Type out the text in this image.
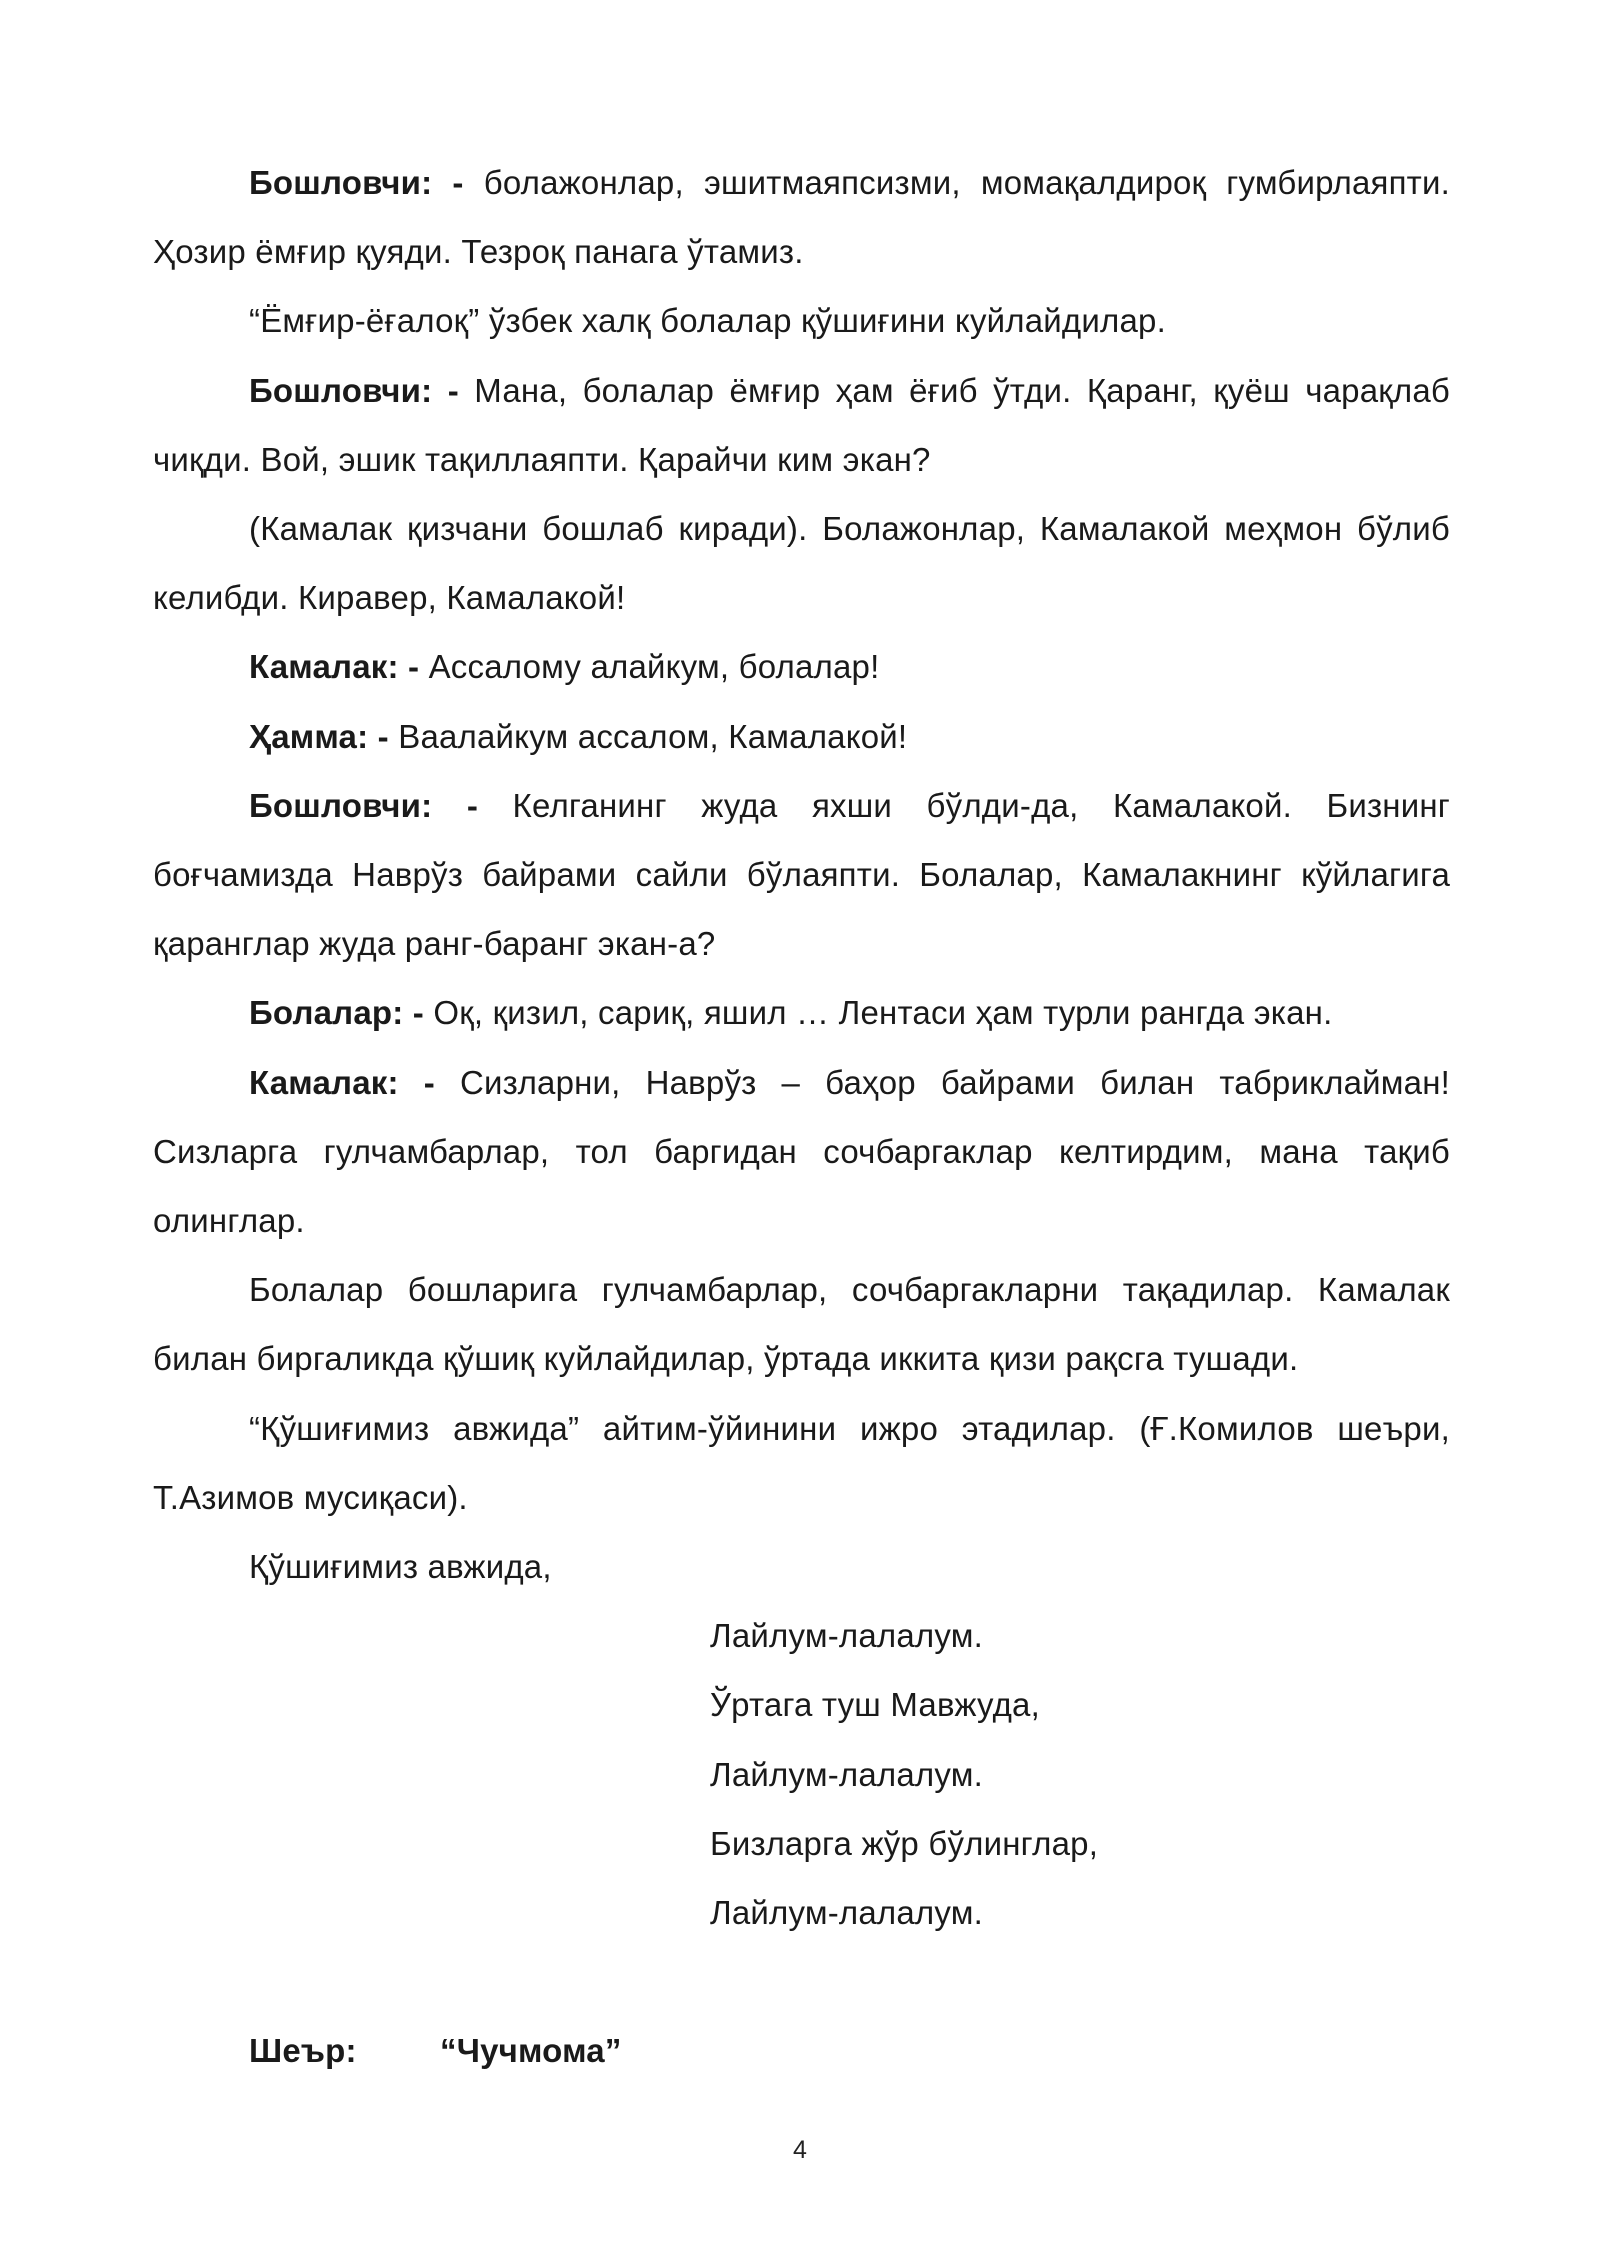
Бошловчи: - болажонлар, эшитмаяпсизми, момақалдироқ гумбирлаяпти. Ҳозир ёмғир қуяди. Тезроқ панага ўтамиз.

“Ёмғир-ёғалоқ” ўзбек халқ болалар қўшиғини куйлайдилар.

Бошловчи: - Мана, болалар ёмғир ҳам ёғиб ўтди. Қаранг, қуёш чарақлаб чиқди. Вой, эшик тақиллаяпти. Қарайчи ким экан?

(Камалак қизчани бошлаб киради). Болажонлар, Камалакой меҳмон бўлиб келибди. Киравер, Камалакой!

Камалак: - Ассалому алайкум, болалар!

Ҳамма: - Ваалайкум ассалом, Камалакой!

Бошловчи: - Келганинг жуда яхши бўлди-да, Камалакой. Бизнинг боғчамизда Наврўз байрами сайли бўлаяпти. Болалар, Камалакнинг кўйлагига қаранглар жуда ранг-баранг экан-а?

Болалар: - Оқ, қизил, сариқ, яшил … Лентаси ҳам турли рангда экан.

Камалак: - Сизларни, Наврўз – баҳор байрами билан табриклайман! Сизларга гулчамбарлар, тол баргидан сочбаргаклар келтирдим, мана тақиб олинглар.

Болалар бошларига гулчамбарлар, сочбаргакларни тақадилар. Камалак билан биргаликда қўшиқ куйлайдилар, ўртада иккита қизи рақсга тушади.

“Қўшиғимиз авжида” айтим-ўйинини ижро этадилар. (Ғ.Комилов шеъри, Т.Азимов мусиқаси).

Қўшиғимиз авжида,

Лайлум-лалалум.
Ўртага туш Мавжуда,
Лайлум-лалалум.
Бизларга жўр бўлинглар,
Лайлум-лалалум.

Шеър:	“Чучмома”

4
